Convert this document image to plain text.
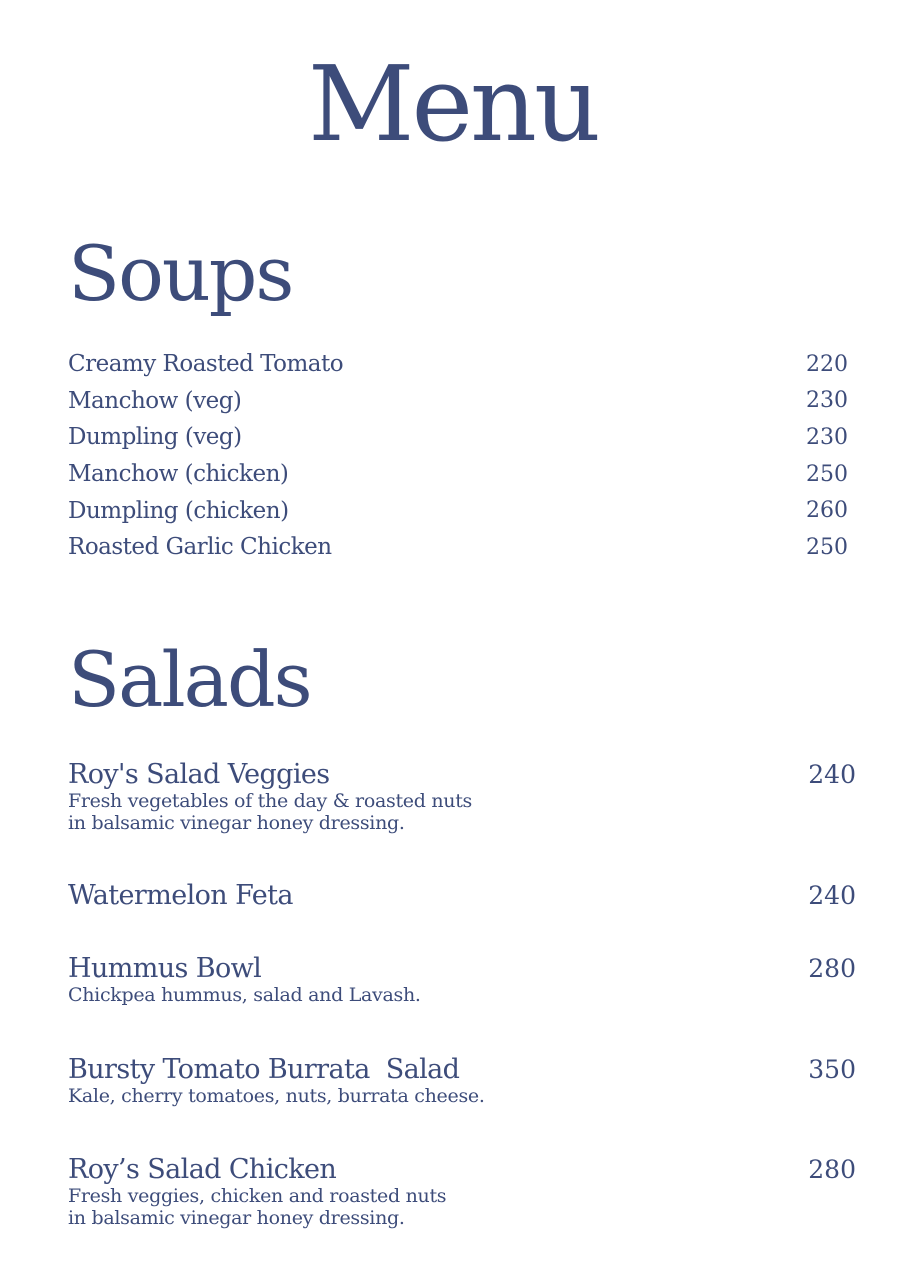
Menu
Soups
Creamy Roasted Tomato	220
Manchow (veg)	230
Dumpling (veg)	230
Manchow (chicken)	250
Dumpling (chicken)	260
Roasted Garlic Chicken	250
Salads
Roy's Salad Veggies	240
Fresh vegetables of the day & roasted nuts
in balsamic vinegar honey dressing.
Watermelon Feta	240
Hummus Bowl	280
Chickpea hummus, salad and Lavash.
Bursty Tomato Burrata  Salad	350
Kale, cherry tomatoes, nuts, burrata cheese.
Roy’s Salad Chicken	280
Fresh veggies, chicken and roasted nuts
in balsamic vinegar honey dressing.
